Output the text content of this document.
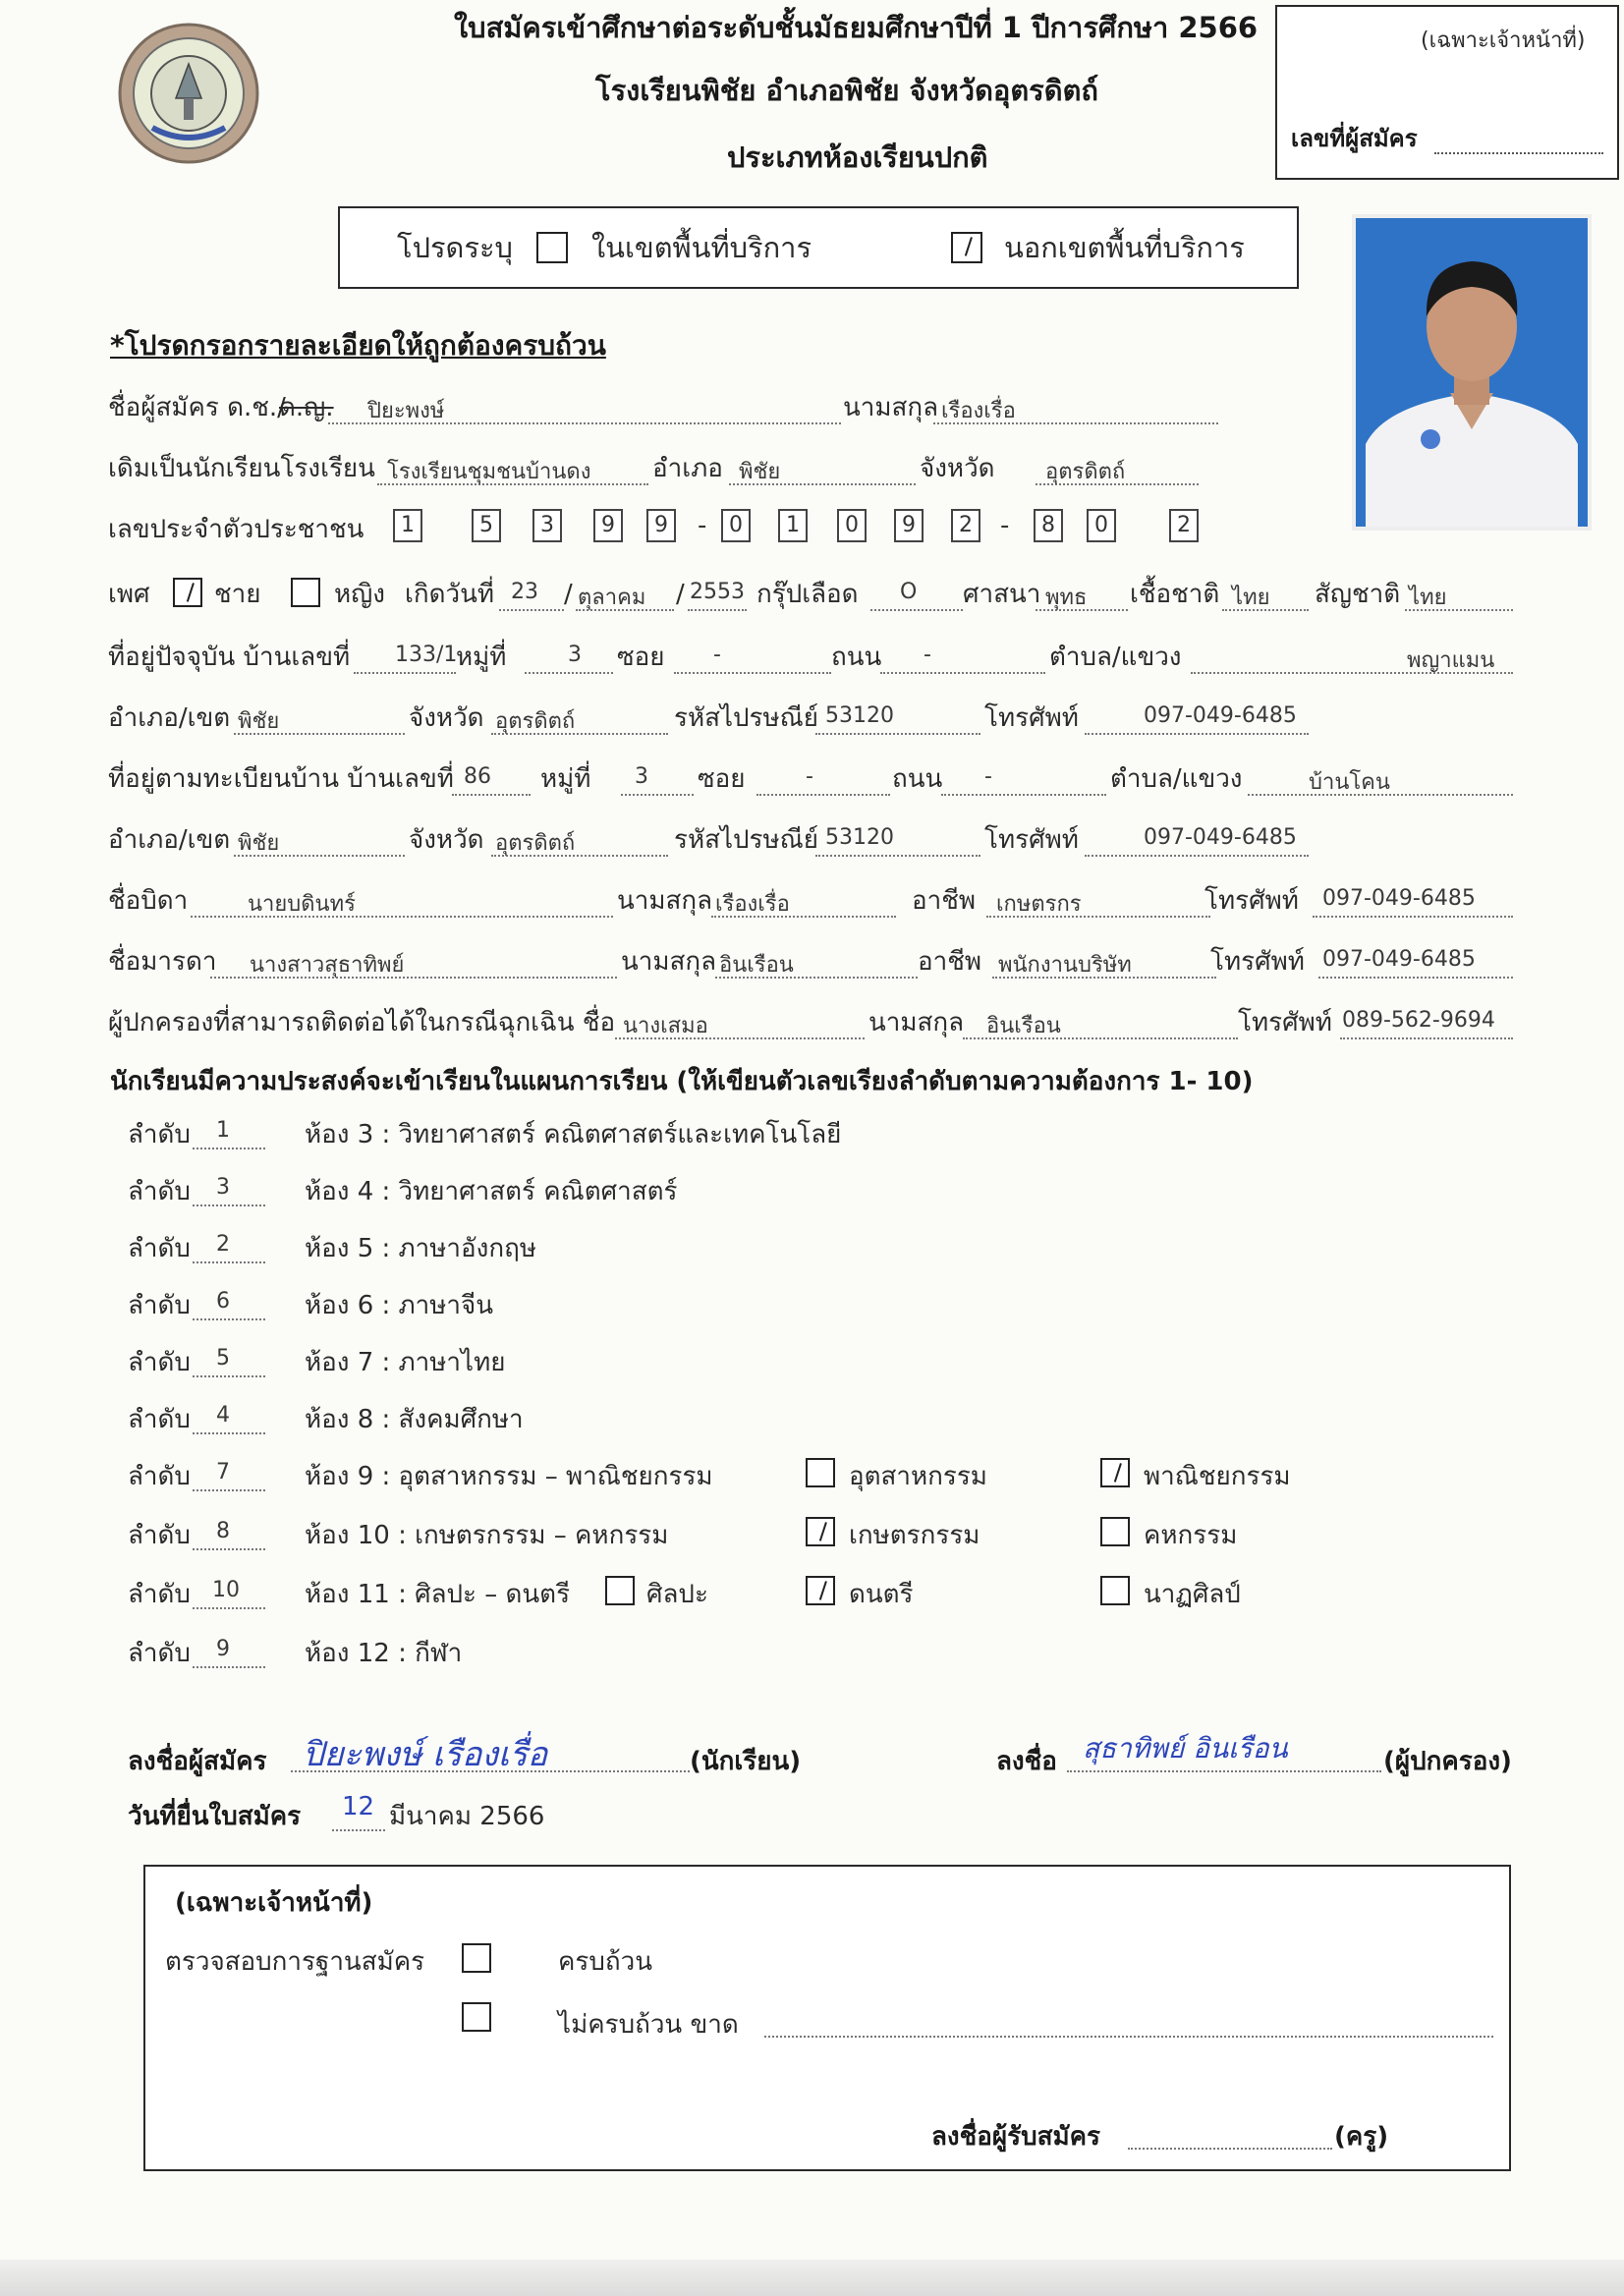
ใบสมัครเข้าศึกษาต่อระดับชั้นมัธยมศึกษาปีที่ 1 ปีการศึกษา 2566
โรงเรียนพิชัย อำเภอพิชัย จังหวัดอุตรดิตถ์
ประเภทห้องเรียนปกติ
(เฉพาะเจ้าหน้าที่)
เลขที่ผู้สมัคร
โปรดระบุ	ในเขตพื้นที่บริการ	นอกเขตพื้นที่บริการ
*โปรดกรอกรายละเอียดให้ถูกต้องครบถ้วน
ชื่อผู้สมัคร ด.ช./
ด.ญ. ปิยะพงษ์	นามสกุล เรืองเรื่อ
เดิมเป็นนักเรียนโรงเรียน โรงเรียนชุมชนบ้านดง อำเภอ พิชัย	จังหวัด อุตรดิตถ์
เลขประจำตัวประชาชน	1	5	3	9	9	-	0	1	0	9	2	-	8	0	2
เพศ	ชาย	หญิง เกิดวันที่ 23 / ตุลาคม / 2553 กรุ๊ปเลือด O ศาสนา พุทธ เชื้อชาติ ไทย สัญชาติ ไทย
ที่อยู่ปัจจุบัน บ้านเลขที่ 133/1
หมู่ที่	3 ซอย -	ถนน -	ตำบล/แขวง	พญาแมน
อำเภอ/เขต พิชัย	จังหวัด อุตรดิตถ์	รหัสไปรษณีย์ 53120	โทรศัพท์	097-049-6485
ที่อยู่ตามทะเบียนบ้าน บ้านเลขที่ 86 หมู่ที่ 3 ซอย	-	ถนน -	ตำบล/แขวง	บ้านโคน
อำเภอ/เขต พิชัย	จังหวัด อุตรดิตถ์	รหัสไปรษณีย์ 53120	โทรศัพท์	097-049-6485
ชื่อบิดา	นายบดินทร์	นามสกุล เรืองเรื่อ	อาชีพ เกษตรกร	โทรศัพท์ 097-049-6485
ชื่อมารดา นางสาวสุธาทิพย์	นามสกุล อินเรือน	อาชีพ พนักงานบริษัท	โทรศัพท์ 097-049-6485
ผู้ปกครองที่สามารถติดต่อได้ในกรณีฉุกเฉิน ชื่อ นางเสมอ	นามสกุล อินเรือน	โทรศัพท์ 089-562-9694
นักเรียนมีความประสงค์จะเข้าเรียนในแผนการเรียน (ให้เขียนตัวเลขเรียงลำดับตามความต้องการ 1- 10)
ลำดับ 1	ห้อง 3 : วิทยาศาสตร์ คณิตศาสตร์และเทคโนโลยี
ลำดับ 3	ห้อง 4 : วิทยาศาสตร์ คณิตศาสตร์
ลำดับ 2	ห้อง 5 : ภาษาอังกฤษ
ลำดับ 6	ห้อง 6 : ภาษาจีน
ลำดับ 5	ห้อง 7 : ภาษาไทย
ลำดับ 4	ห้อง 8 : สังคมศึกษา
ลำดับ 7	ห้อง 9 : อุตสาหกรรม – พาณิชยกรรม	อุตสาหกรรม	พาณิชยกรรม
ลำดับ 8	ห้อง 10 : เกษตรกรรม – คหกรรม	เกษตรกรรม	คหกรรม
ลำดับ 10	ห้อง 11 : ศิลปะ – ดนตรี	ศิลปะ	ดนตรี	นาฏศิลป์
ลำดับ 9	ห้อง 12 : กีฬา
ลงชื่อผู้สมัคร ปิยะพงษ์ เรืองเรื่อ	(นักเรียน)	ลงชื่อ สุธาทิพย์ อินเรือน	(ผู้ปกครอง)
วันที่ยื่นใบสมัคร 12 มีนาคม 2566
(เฉพาะเจ้าหน้าที่)
ตรวจสอบการฐานสมัคร	ครบถ้วน
ไม่ครบถ้วน ขาด
ลงชื่อผู้รับสมัคร	(ครู)
